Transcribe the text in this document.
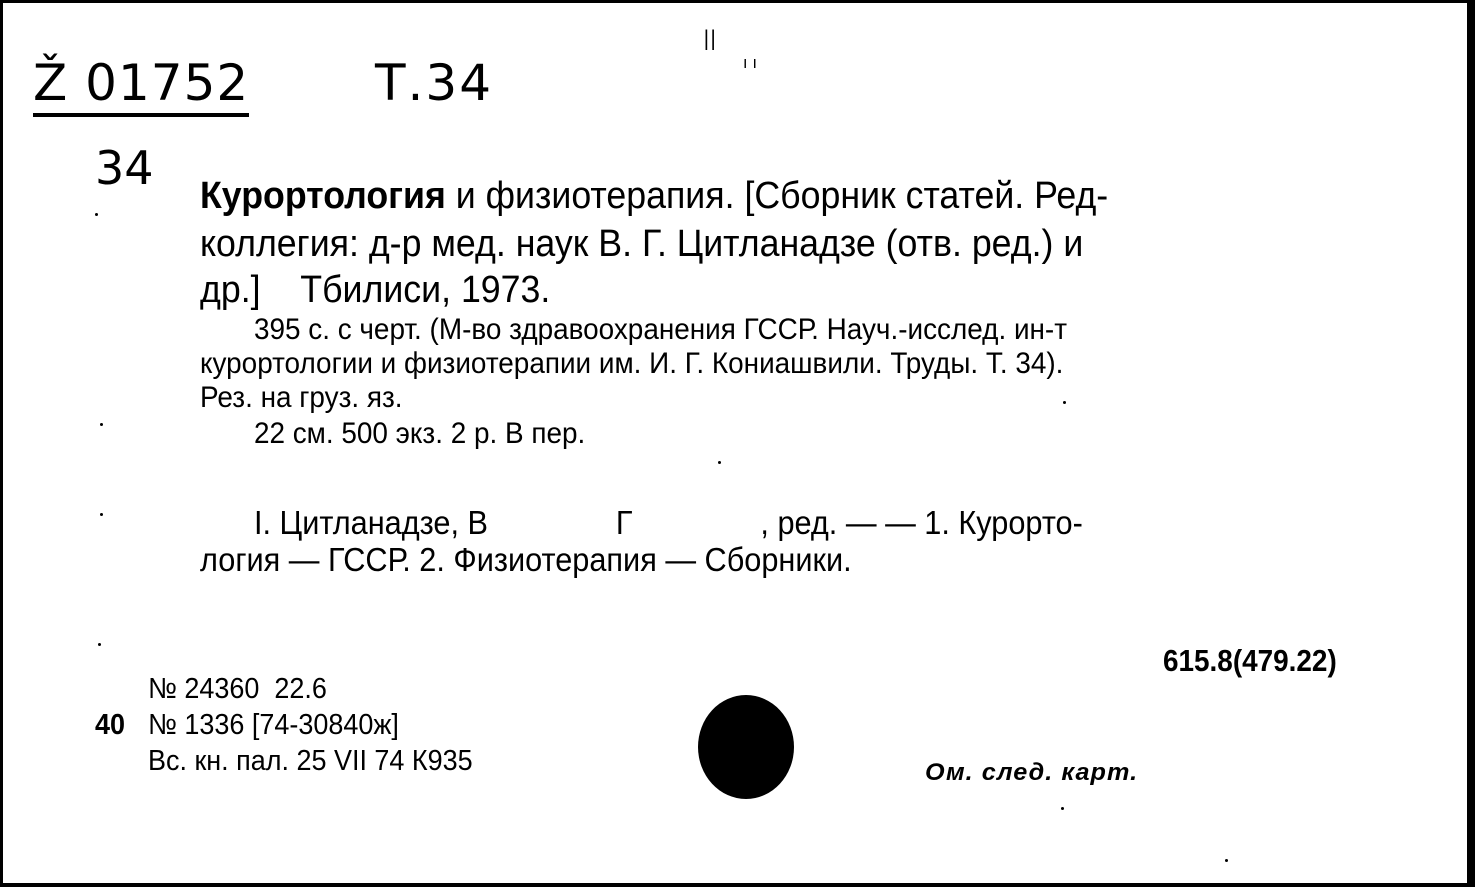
Ž 01752	Т.34
34
||
ı ı
Курортология и физиотерапия. [Сборник статей. Ред-
коллегия: д-р мед. наук В. Г. Цитланадзе (отв. ред.) и
др.]    Тбилиси, 1973.
395 с. с черт. (М-во здравоохранения ГССР. Науч.-исслед. ин-т
курортологии и физиотерапии им. И. Г. Кониашвили. Труды. Т. 34).
Рез. на груз. яз.
22 см. 500 экз. 2 р. В пер.
I. Цитланадзе, В               Г               , ред. — — 1. Курорто-
логия — ГССР. 2. Физиотерапия — Сборники.
615.8(479.22)
№ 24360  22.6
40 № 1336 [74-30840ж]
Вс. кн. пал. 25 VII 74 К935	Ом. след. карт.
